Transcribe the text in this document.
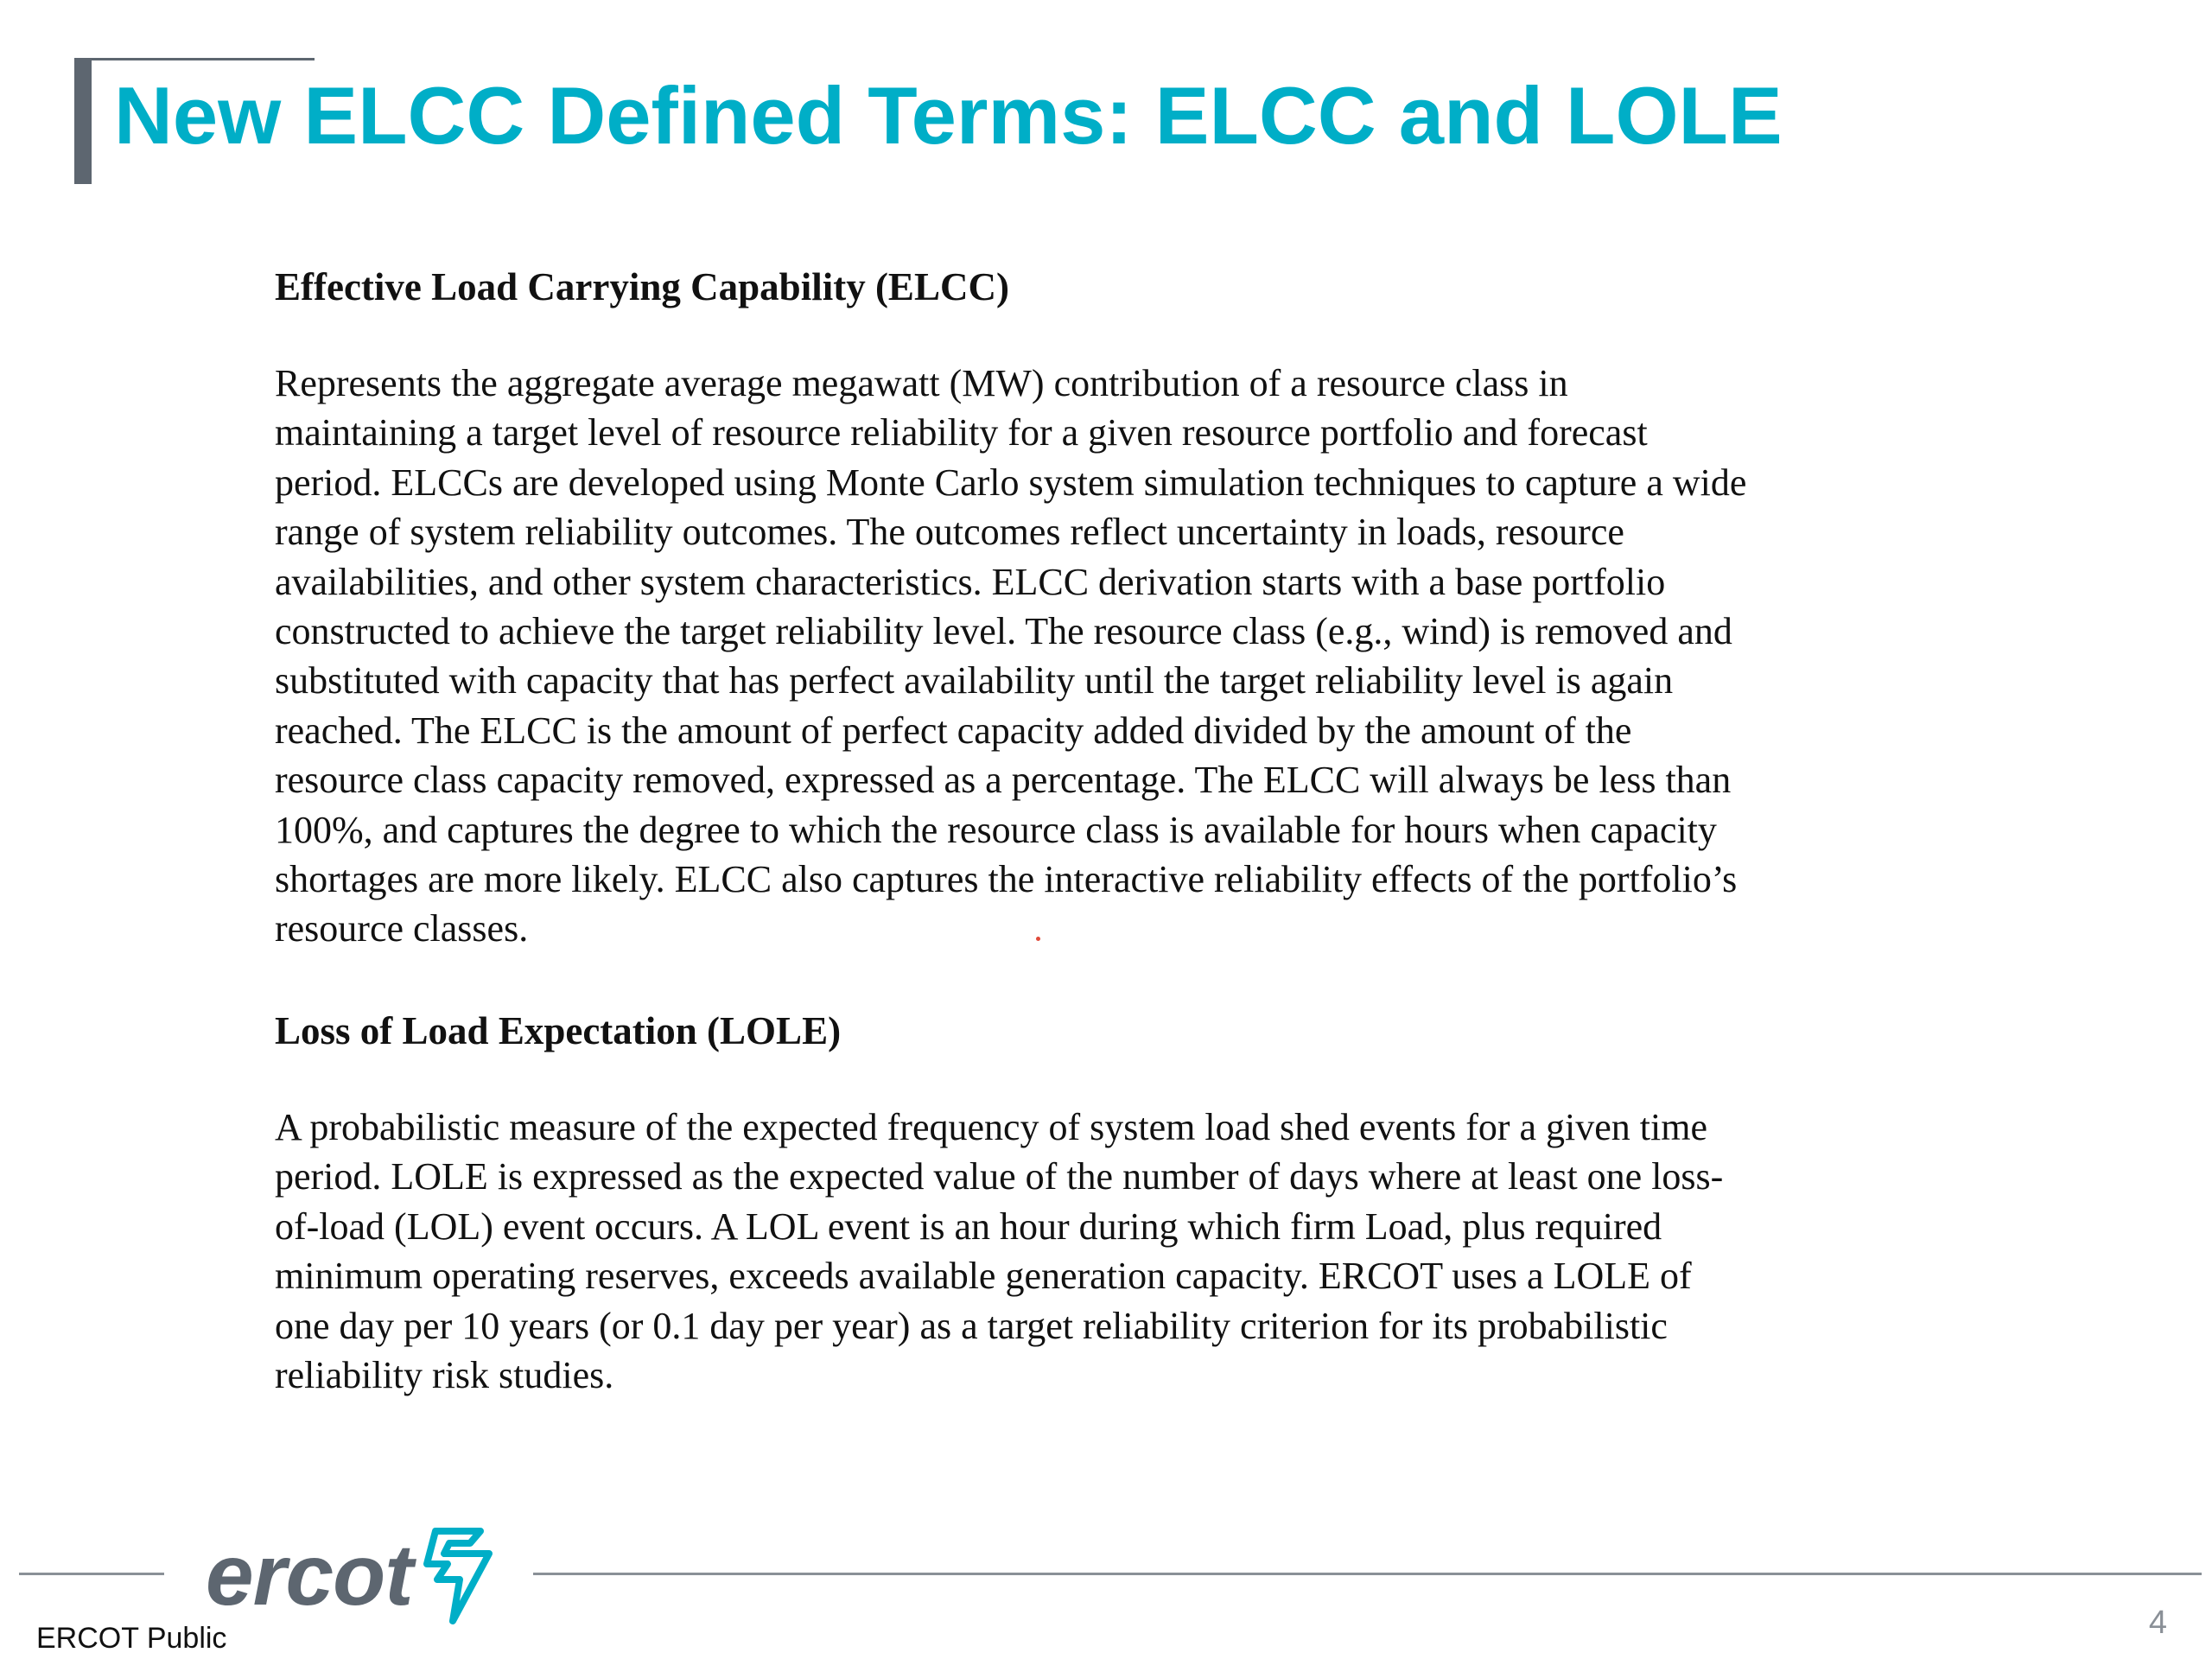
New ELCC Defined Terms: ELCC and LOLE
Effective Load Carrying Capability (ELCC)

Represents the aggregate average megawatt (MW) contribution of a resource class in
maintaining a target level of resource reliability for a given resource portfolio and forecast
period. ELCCs are developed using Monte Carlo system simulation techniques to capture a wide
range of system reliability outcomes. The outcomes reflect uncertainty in loads, resource
availabilities, and other system characteristics. ELCC derivation starts with a base portfolio
constructed to achieve the target reliability level. The resource class (e.g., wind) is removed and
substituted with capacity that has perfect availability until the target reliability level is again
reached. The ELCC is the amount of perfect capacity added divided by the amount of the
resource class capacity removed, expressed as a percentage. The ELCC will always be less than
100%, and captures the degree to which the resource class is available for hours when capacity
shortages are more likely. ELCC also captures the interactive reliability effects of the portfolio’s
resource classes.

Loss of Load Expectation (LOLE)

A probabilistic measure of the expected frequency of system load shed events for a given time
period. LOLE is expressed as the expected value of the number of days where at least one loss-
of-load (LOL) event occurs. A LOL event is an hour during which firm Load, plus required
minimum operating reserves, exceeds available generation capacity. ERCOT uses a LOLE of
one day per 10 years (or 0.1 day per year) as a target reliability criterion for its probabilistic
reliability risk studies.

ercot
ERCOT Public	4
